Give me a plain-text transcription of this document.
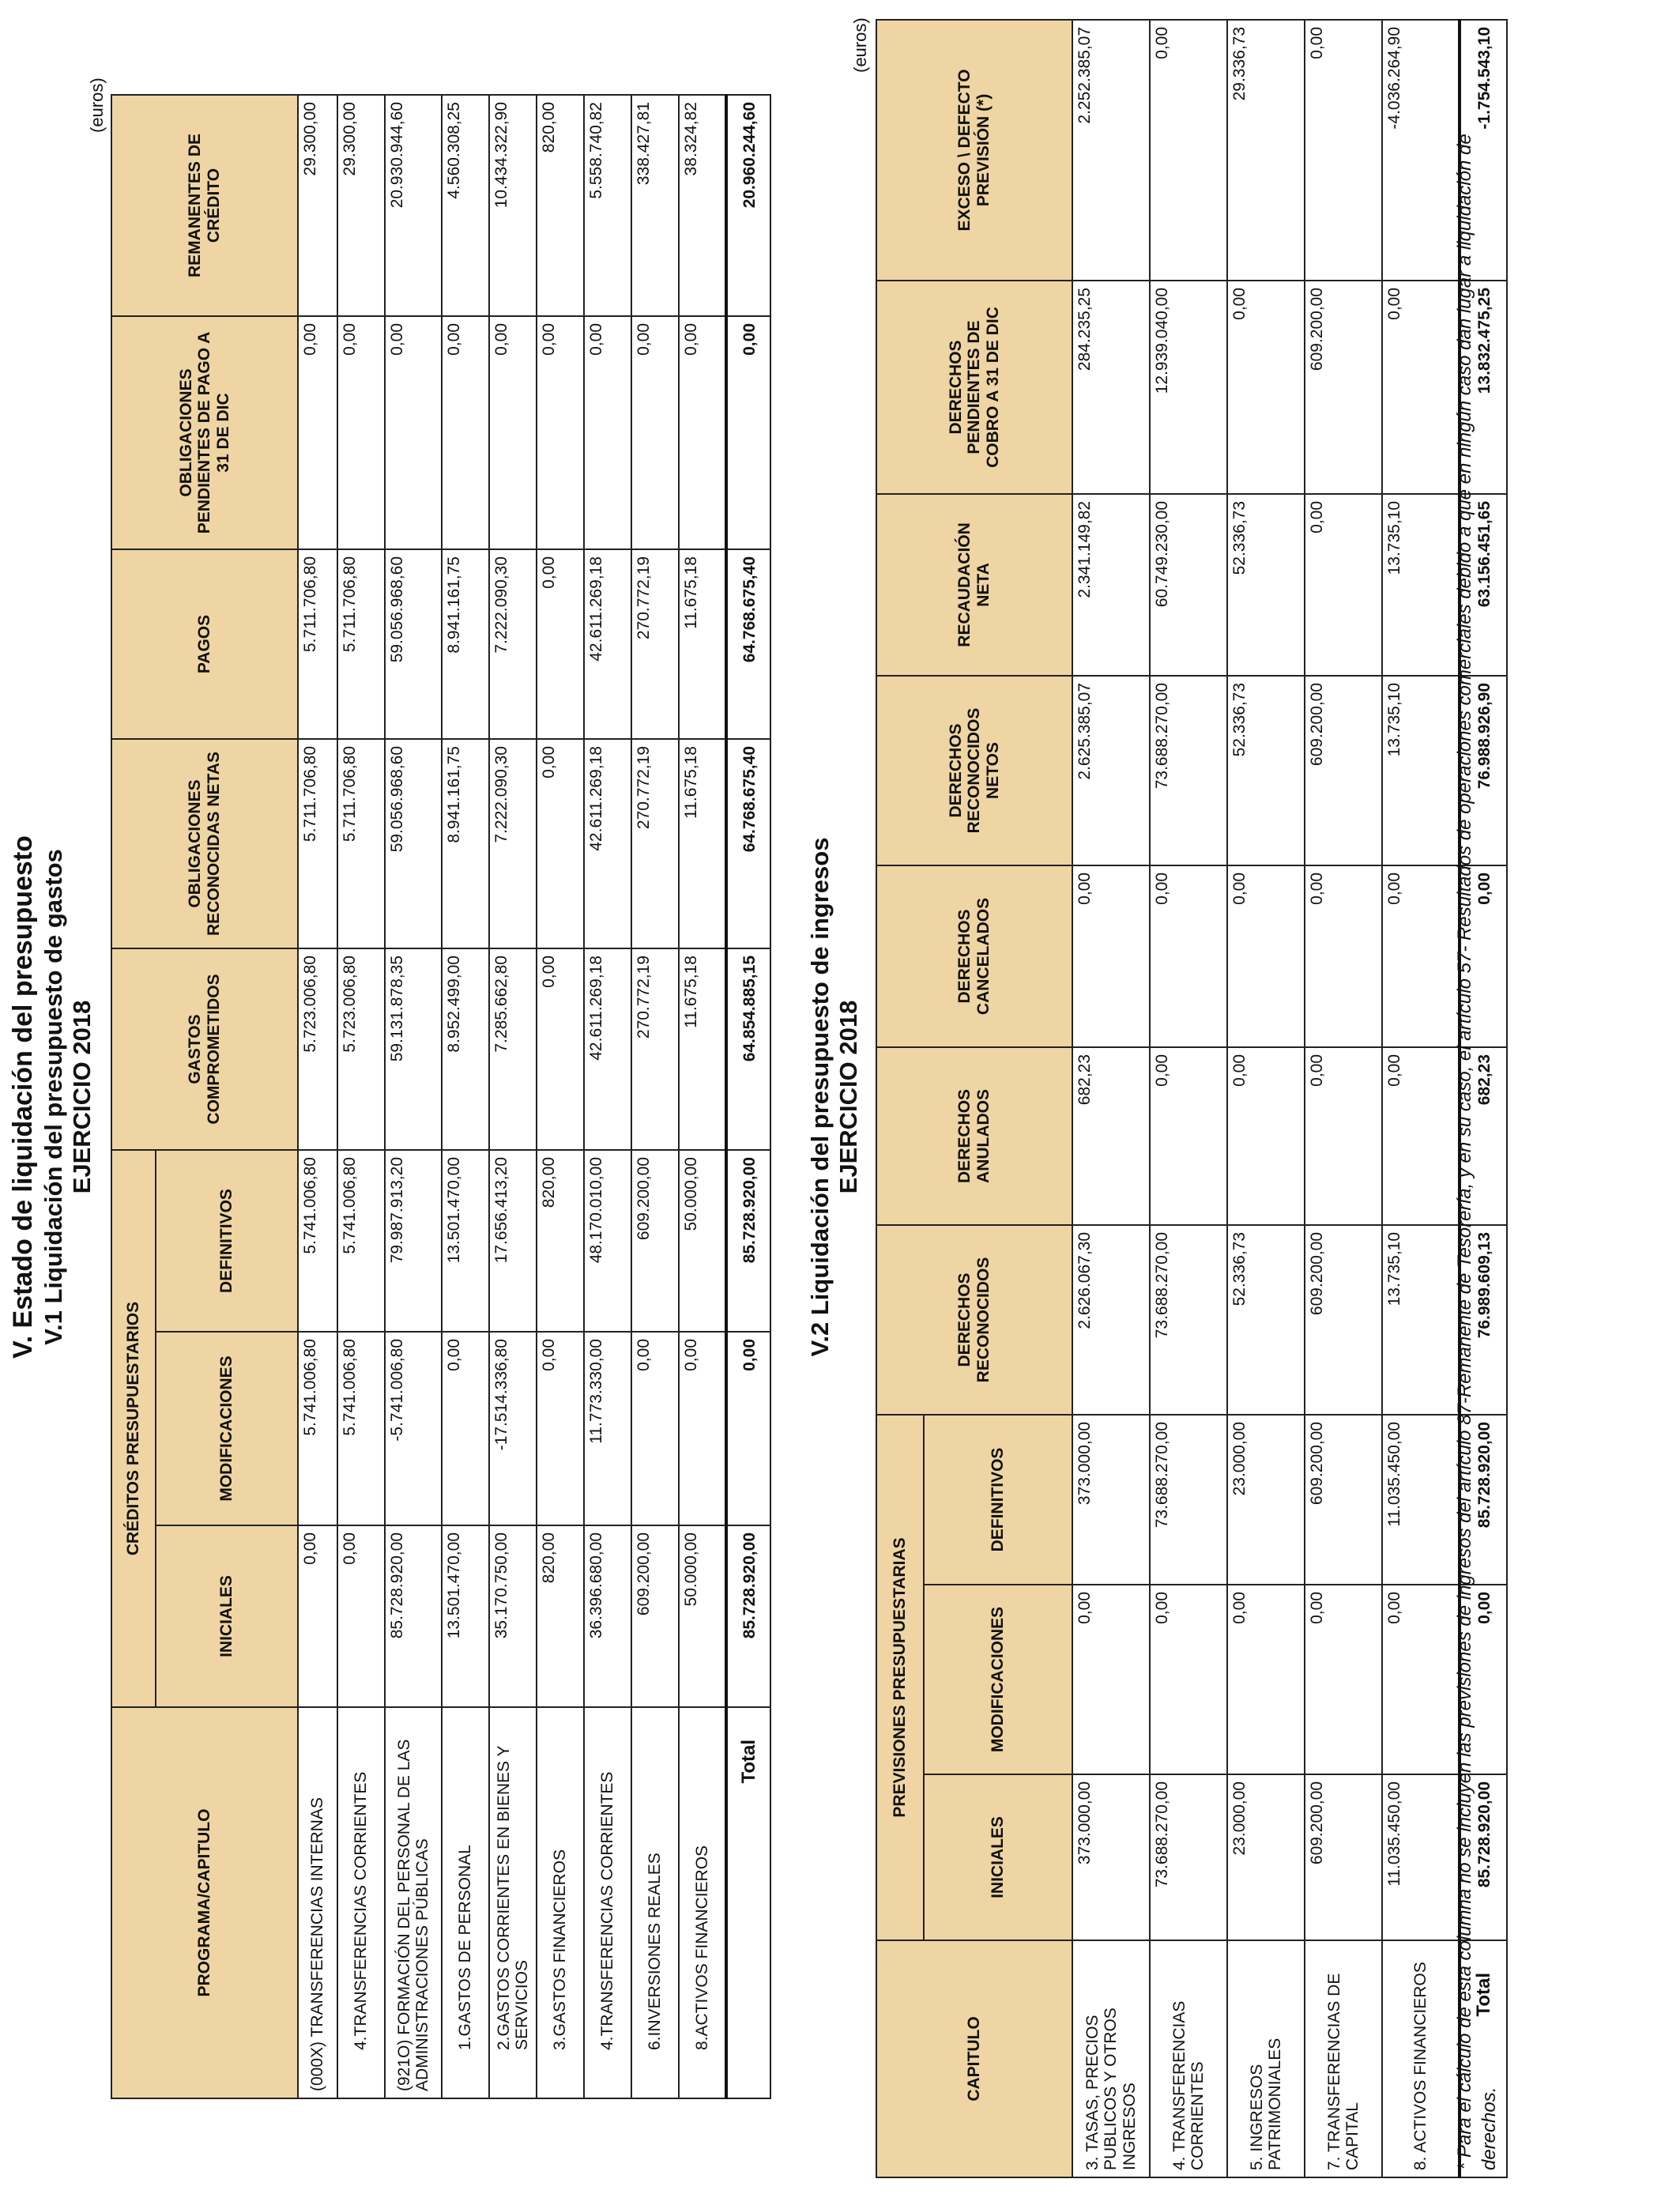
V. Estado de liquidación del presupuesto V.1 Liquidación del presupuesto de gastos EJERCICIO 2018
(euros)
PROGRAMA/CAPITULO	CRÉDITOS PRESUPUESTARIOS			GASTOS COMPROMETIDOS	OBLIGACIONES RECONOCIDAS NETAS	PAGOS	OBLIGACIONES PENDIENTES DE PAGO A 31 DE DIC	REMANENTES DE CRÉDITO
	INICIALES	MODIFICACIONES	DEFINITIVOS					
(000X) TRANSFERENCIAS INTERNAS	0,00	5.741.006,80	5.741.006,80	5.723.006,80	5.711.706,80	5.711.706,80	0,00	29.300,00
4.TRANSFERENCIAS CORRIENTES	0,00	5.741.006,80	5.741.006,80	5.723.006,80	5.711.706,80	5.711.706,80	0,00	29.300,00
(921O) FORMACIÓN DEL PERSONAL DE LAS ADMINISTRACIONES PÚBLICAS	85.728.920,00	-5.741.006,80	79.987.913,20	59.131.878,35	59.056.968,60	59.056.968,60	0,00	20.930.944,60
1.GASTOS DE PERSONAL	13.501.470,00	0,00	13.501.470,00	8.952.499,00	8.941.161,75	8.941.161,75	0,00	4.560.308,25
2.GASTOS CORRIENTES EN BIENES Y SERVICIOS	35.170.750,00	-17.514.336,80	17.656.413,20	7.285.662,80	7.222.090,30	7.222.090,30	0,00	10.434.322,90
3.GASTOS FINANCIEROS	820,00	0,00	820,00	0,00	0,00	0,00	0,00	820,00
4.TRANSFERENCIAS CORRIENTES	36.396.680,00	11.773.330,00	48.170.010,00	42.611.269,18	42.611.269,18	42.611.269,18	0,00	5.558.740,82
6.INVERSIONES REALES	609.200,00	0,00	609.200,00	270.772,19	270.772,19	270.772,19	0,00	338.427,81
8.ACTIVOS FINANCIEROS	50.000,00	0,00	50.000,00	11.675,18	11.675,18	11.675,18	0,00	38.324,82
Total	85.728.920,00	0,00	85.728.920,00	64.854.885,15	64.768.675,40	64.768.675,40	0,00	20.960.244,60
V.2 Liquidación del presupuesto de ingresos EJERCICIO 2018
(euros)
CAPITULO	PREVISIONES PRESUPUESTARIAS			DERECHOS RECONOCIDOS	DERECHOS ANULADOS	DERECHOS CANCELADOS	DERECHOS RECONOCIDOS NETOS	RECAUDACIÓN NETA	DERECHOS PENDIENTES DE COBRO A 31 DE DIC	EXCESO \ DEFECTO PREVISIÓN (*)
	INICIALES	MODIFICACIONES	DEFINITIVOS							
3. TASAS, PRECIOS PUBLICOS Y OTROS INGRESOS	373.000,00	0,00	373.000,00	2.626.067,30	682,23	0,00	2.625.385,07	2.341.149,82	284.235,25	2.252.385,07
4. TRANSFERENCIAS CORRIENTES	73.688.270,00	0,00	73.688.270,00	73.688.270,00	0,00	0,00	73.688.270,00	60.749.230,00	12.939.040,00	0,00
5. INGRESOS PATRIMONIALES	23.000,00	0,00	23.000,00	52.336,73	0,00	0,00	52.336,73	52.336,73	0,00	29.336,73
7. TRANSFERENCIAS DE CAPITAL	609.200,00	0,00	609.200,00	609.200,00	0,00	0,00	609.200,00	0,00	609.200,00	0,00
8. ACTIVOS FINANCIEROS	11.035.450,00	0,00	11.035.450,00	13.735,10	0,00	0,00	13.735,10	13.735,10	0,00	-4.036.264,90
Total	85.728.920,00	0,00	85.728.920,00	76.989.609,13	682,23	0,00	76.988.926,90	63.156.451,65	13.832.475,25	-1.754.543,10
* Para el cálculo de esta columna no se incluyen las previsiones de ingresos del artículo 87-Remanente de Tesorería, y en su caso, el artículo 57- Resultados de operaciones comerciales debido a que en ningún caso dan lugar a liquidación de derechos.
